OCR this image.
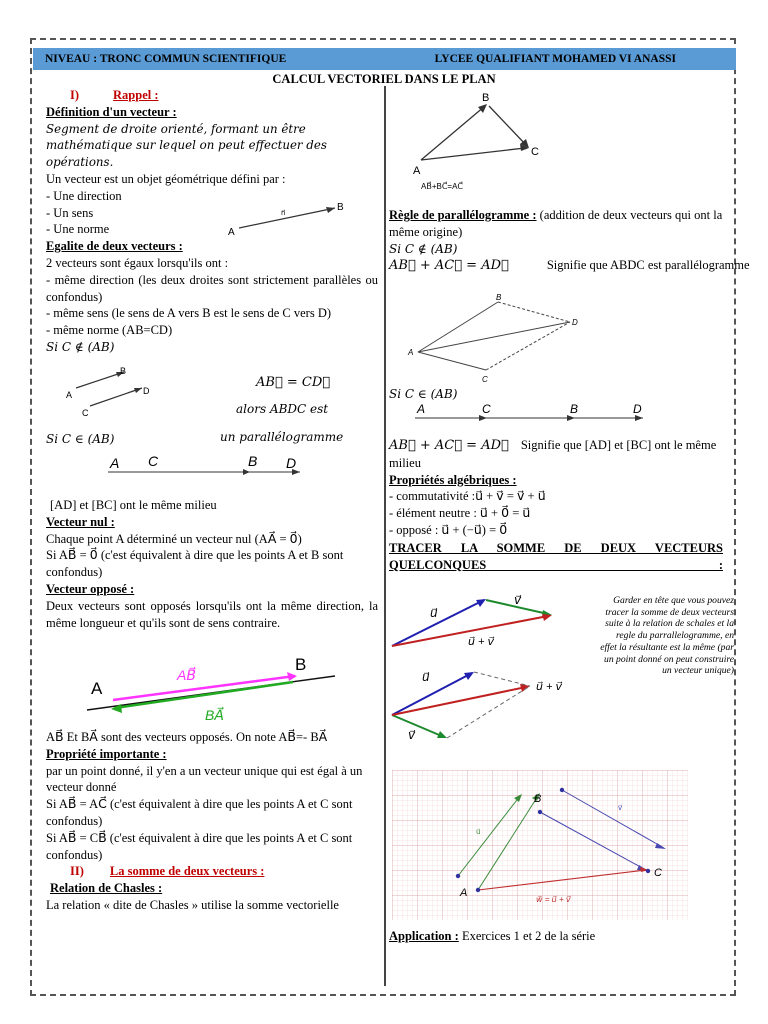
NIVEAU : TRONC COMMUN SCIENTIFIQUE	LYCEE QUALIFIANT MOHAMED VI ANASSI
CALCUL VECTORIEL DANS LE PLAN

I)	Rappel :

Définition d'un vecteur :

Segment de droite orienté, formant un être mathématique sur lequel on peut effectuer des opérations.

Un vecteur est un objet géométrique défini par :

- Une direction

- Un sens

- Une norme

Egalite de deux vecteurs :

2 vecteurs sont égaux lorsqu'ils ont :

- même direction (les deux droites sont strictement parallèles ou confondus)

- même sens (le sens de A vers B est le sens de C vers D)

- même norme (AB=CD)

Si C ∉ (AB)

A
B
n⃗
A
B
C
D
AB⃗ = CD⃗
alors ABDC est
un parallélogramme
Si C ∈ (AB)
A C	B D

[AD] et [BC] ont le même milieu

Vecteur nul :

Chaque point A déterminé un vecteur nul (AA⃗ = 0⃗)

Si AB⃗ = 0⃗ (c'est équivalent à dire que les points A et B sont confondus)

Vecteur opposé :

Deux vecteurs sont opposés lorsqu'ils ont la même direction, la même longueur et qu'ils sont de sens contraire.

A
B
AB⃗
BA⃗

AB⃗ Et BA⃗ sont des vecteurs opposés. On note AB⃗=- BA⃗

Propriété importante :

par un point donné, il y'en a un vecteur unique qui est égal à un vecteur donné

Si AB⃗ = AC⃗ (c'est équivalent à dire que les points A et C sont confondus)

Si AB⃗ = CB⃗ (c'est équivalent à dire que les points A et C sont confondus)

II) La somme de deux vecteurs :

Relation de Chasles :

La relation « dite de Chasles » utilise la somme vectorielle

A
B
C
AB⃗+BC⃗=AC⃗

Règle de parallélogramme : (addition de deux vecteurs qui ont la même origine)

Si C ∉ (AB)

AB⃗ + AC⃗ = AD⃗	Signifie que ABDC est parallélogramme

A
B
C
D
Si C ∈ (AB)
A	C	B	D

AB⃗ + AC⃗ = AD⃗ Signifie que [AD] et [BC] ont le même milieu

Propriétés algébriques :

- commutativité :u⃗ + v⃗ = v⃗ + u⃗

- élément neutre : u⃗ + 0⃗ = u⃗

- opposé : u⃗ + (−u⃗) = 0⃗

TRACER LA SOMME DE DEUX VECTEURS QUELCONQUES :

u⃗
v⃗
u⃗ + v⃗
u⃗
v⃗
u⃗ + v⃗
Garder en tête que vous pouvez tracer la somme de deux vecteurs suite à la relation de schales et la regle du parrallelogramme, en effet la résultante est la même (par un point donné on peut construire un vecteur unique)
A
B
C
u⃗
v⃗
w⃗ = u⃗ + v⃗

Application : Exercices 1 et 2 de la série
